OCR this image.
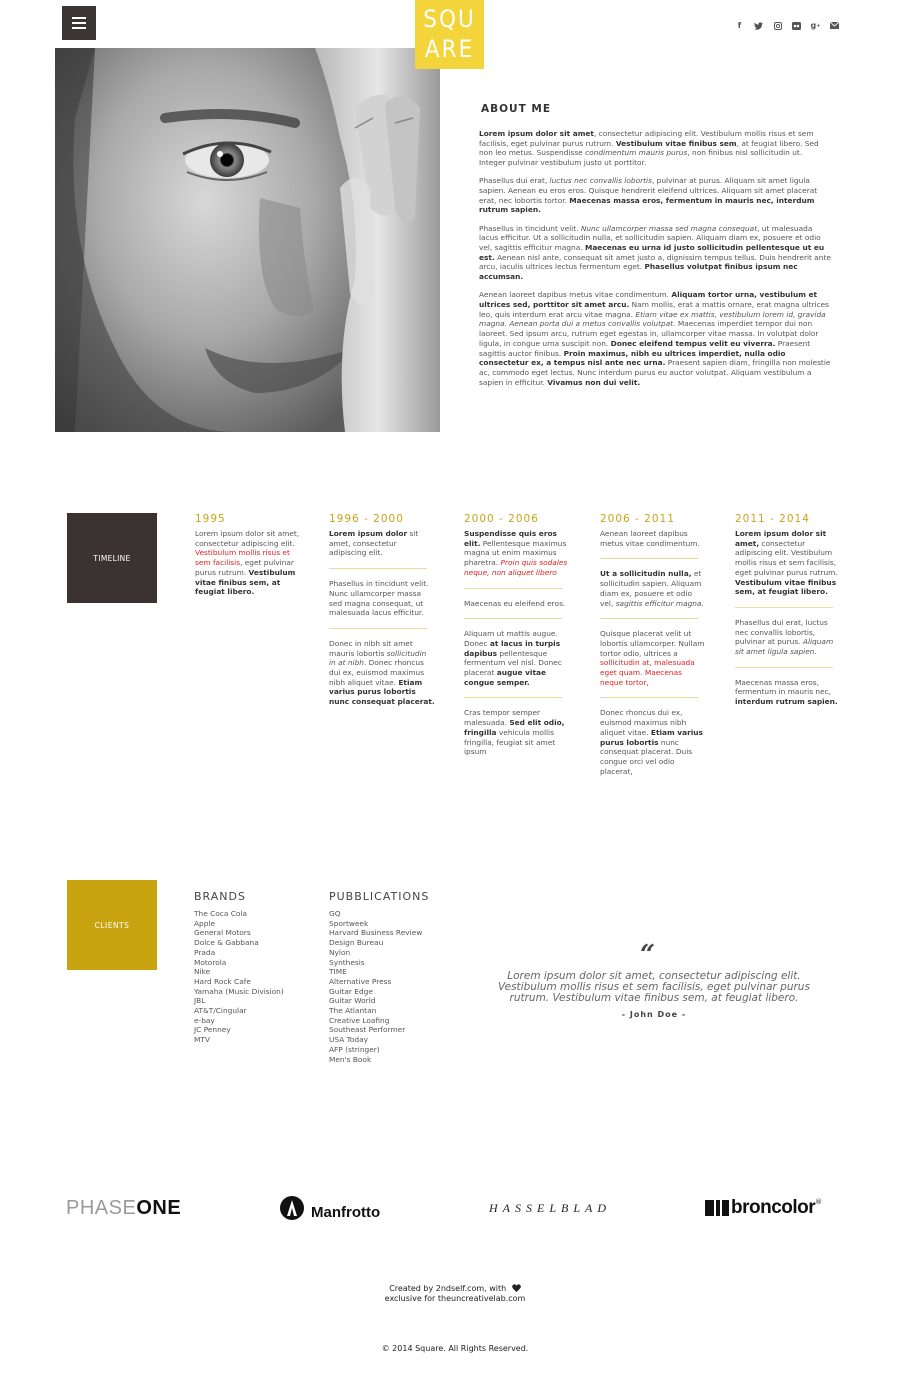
SQU
ARE
f	g +
ABOUT ME

Lorem ipsum dolor sit amet, consectetur adipiscing elit. Vestibulum mollis risus et sem facilisis, eget pulvinar purus rutrum. Vestibulum vitae finibus sem, at feugiat libero. Sed non leo metus. Suspendisse condimentum mauris purus, non finibus nisl sollicitudin ut. Integer pulvinar vestibulum justo ut porttitor.

Phasellus dui erat, luctus nec convallis lobortis, pulvinar at purus. Aliquam sit amet ligula sapien. Aenean eu eros eros. Quisque hendrerit eleifend ultrices. Aliquam sit amet placerat erat, nec lobortis tortor. Maecenas massa eros, fermentum in mauris nec, interdum rutrum sapien.

Phasellus in tincidunt velit. Nunc ullamcorper massa sed magna consequat, ut malesuada lacus efficitur. Ut a sollicitudin nulla, et sollicitudin sapien. Aliquam diam ex, posuere et odio vel, sagittis efficitur magna. Maecenas eu urna id justo sollicitudin pellentesque ut eu est. Aenean nisl ante, consequat sit amet justo a, dignissim tempus tellus. Duis hendrerit ante arcu, iaculis ultrices lectus fermentum eget. Phasellus volutpat finibus ipsum nec accumsan.

Aenean laoreet dapibus metus vitae condimentum. Aliquam tortor urna, vestibulum et ultrices sed, porttitor sit amet arcu. Nam mollis, erat a mattis ornare, erat magna ultrices leo, quis interdum erat arcu vitae magna. Etiam vitae ex mattis, vestibulum lorem id, gravida magna. Aenean porta dui a metus convallis volutpat. Maecenas imperdiet tempor dui non laoreet. Sed ipsum arcu, rutrum eget egestas in, ullamcorper vitae massa. In volutpat dolor ligula, in congue urna suscipit non. Donec eleifend tempus velit eu viverra. Praesent sagittis auctor finibus. Proin maximus, nibh eu ultrices imperdiet, nulla odio consectetur ex, a tempus nisl ante nec urna. Praesent sapien diam, fringilla non molestie ac, commodo eget lectus. Nunc interdum purus eu auctor volutpat. Aliquam vestibulum a sapien in efficitur. Vivamus non dui velit.

TIMELINE
1995

Lorem ipsum dolor sit amet, consectetur adipiscing elit. Vestibulum mollis risus et sem facilisis, eget pulvinar purus rutrum. Vestibulum vitae finibus sem, at feugiat libero.

1996 - 2000

Lorem ipsum dolor sit amet, consectetur adipiscing elit.

Phasellus in tincidunt velit. Nunc ullamcorper massa sed magna consequat, ut malesuada lacus efficitur.

Donec in nibh sit amet mauris lobortis sollicitudin in at nibh. Donec rhoncus dui ex, euismod maximus nibh aliquet vitae. Etiam varius purus lobortis nunc consequat placerat.

2000 - 2006

Suspendisse quis eros elit. Pellentesque maximus magna ut enim maximus pharetra. Proin quis sodales neque, non aliquet libero

Maecenas eu eleifend eros.

Aliquam ut mattis augue. Donec at lacus in turpis dapibus pellentesque fermentum vel nisl. Donec placerat augue vitae congue semper.

Cras tempor semper malesuada. Sed elit odio, fringilla vehicula mollis fringilla, feugiat sit amet ipsum

2006 - 2011

Aenean laoreet dapibus metus vitae condimentum.

Ut a sollicitudin nulla, et sollicitudin sapien. Aliquam diam ex, posuere et odio vel, sagittis efficitur magna.

Quisque placerat velit ut lobortis ullamcorper. Nullam tortor odio, ultrices a sollicitudin at, malesuada eget quam. Maecenas neque tortor,

Donec rhoncus dui ex, euismod maximus nibh aliquet vitae. Etiam varius purus lobortis nunc consequat placerat. Duis congue orci vel odio placerat,

2011 - 2014

Lorem ipsum dolor sit amet, consectetur adipiscing elit. Vestibulum mollis risus et sem facilisis, eget pulvinar purus rutrum. Vestibulum vitae finibus sem, at feugiat libero.

Phasellus dui erat, luctus nec convallis lobortis, pulvinar at purus. Aliquam sit amet ligula sapien.

Maecenas massa eros, fermentum in mauris nec, interdum rutrum sapien.

CLIENTS
BRANDS
The Coca Cola
Apple
General Motors
Dolce & Gabbana
Prada
Motorola
Nike
Hard Rock Cafe
Yamaha (Music Division)
JBL
AT&T/Cingular
e-bay
JC Penney
MTV
PUBBLICATIONS
GQ
Sportweek
Harvard Business Review
Design Bureau
Nylon
Synthesis
TIME
Alternative Press
Guitar Edge
Guitar World
The Atlantan
Creative Loafing
Southeast Performer
USA Today
AFP (stringer)
Men's Book
“
Lorem ipsum dolor sit amet, consectetur adipiscing elit. Vestibulum mollis risus et sem facilisis, eget pulvinar purus rutrum. Vestibulum vitae finibus sem, at feugiat libero.
- John Doe -
PHASE ONE	Manfrotto	HASSELBLAD	broncolor®
Created by 2ndself.com, with
exclusive for theuncreativelab.com
© 2014 Square. All Rights Reserved.
